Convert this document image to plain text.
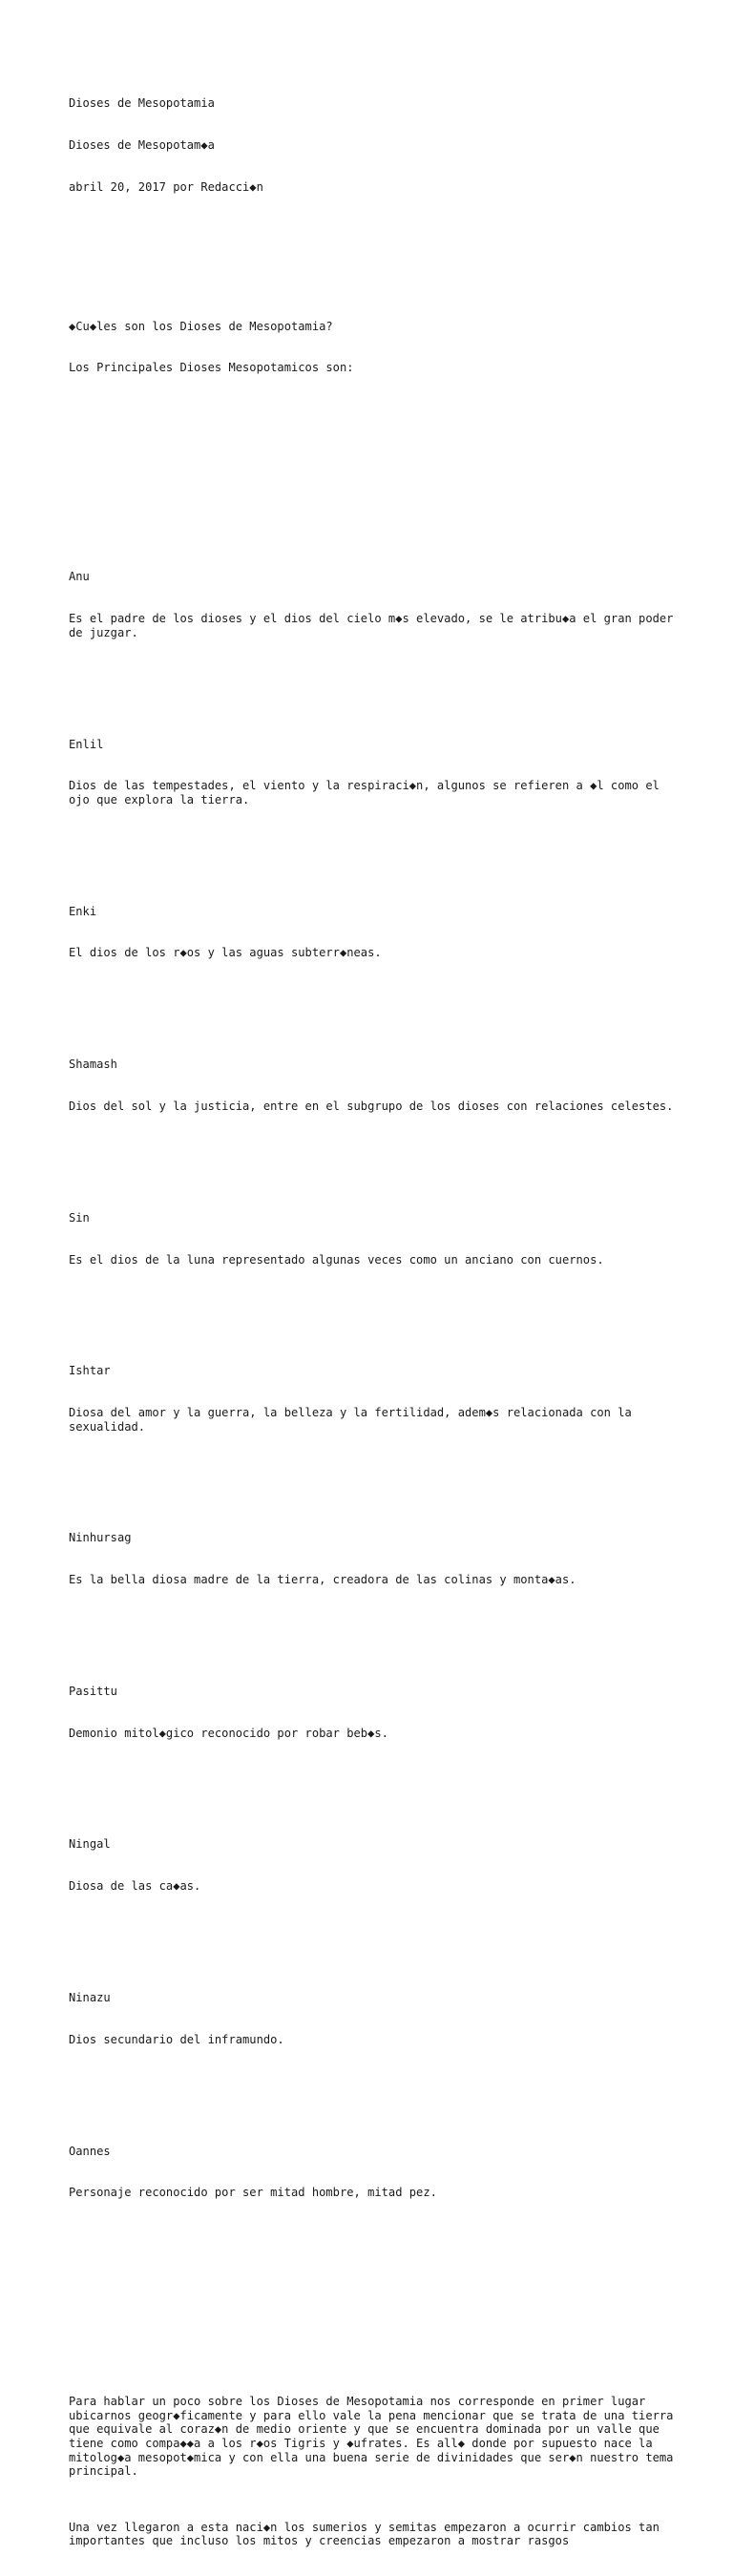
Dioses de Mesopotamia

Dioses de Mesopotam◆a

abril 20, 2017 por Redacci◆n

◆Cu◆les son los Dioses de Mesopotamia?

Los Principales Dioses Mesopotamicos son:

Anu

Es el padre de los dioses y el dios del cielo m◆s elevado, se le atribu◆a el gran poder de juzgar.

Enlil

Dios de las tempestades, el viento y la respiraci◆n, algunos se refieren a ◆l como el ojo que explora la tierra.

Enki

El dios de los r◆os y las aguas subterr◆neas.

Shamash

Dios del sol y la justicia, entre en el subgrupo de los dioses con relaciones celestes.

Sin

Es el dios de la luna representado algunas veces como un anciano con cuernos.

Ishtar

Diosa del amor y la guerra, la belleza y la fertilidad, adem◆s relacionada con la sexualidad.

Ninhursag

Es la bella diosa madre de la tierra, creadora de las colinas y monta◆as.

Pasittu

Demonio mitol◆gico reconocido por robar beb◆s.

Ningal

Diosa de las ca◆as.

Ninazu

Dios secundario del inframundo.

Oannes

Personaje reconocido por ser mitad hombre, mitad pez.

Para hablar un poco sobre los Dioses de Mesopotamia nos corresponde en primer lugar ubicarnos geogr◆ficamente y para ello vale la pena mencionar que se trata de una tierra que equivale al coraz◆n de medio oriente y que se encuentra dominada por un valle que tiene como compa◆◆a a los r◆os Tigris y ◆ufrates. Es all◆ donde por supuesto nace la mitolog◆a mesopot◆mica y con ella una buena serie de divinidades que ser◆n nuestro tema principal.

Una vez llegaron a esta naci◆n los sumerios y semitas empezaron a ocurrir cambios tan importantes que incluso los mitos y creencias empezaron a mostrar rasgos
